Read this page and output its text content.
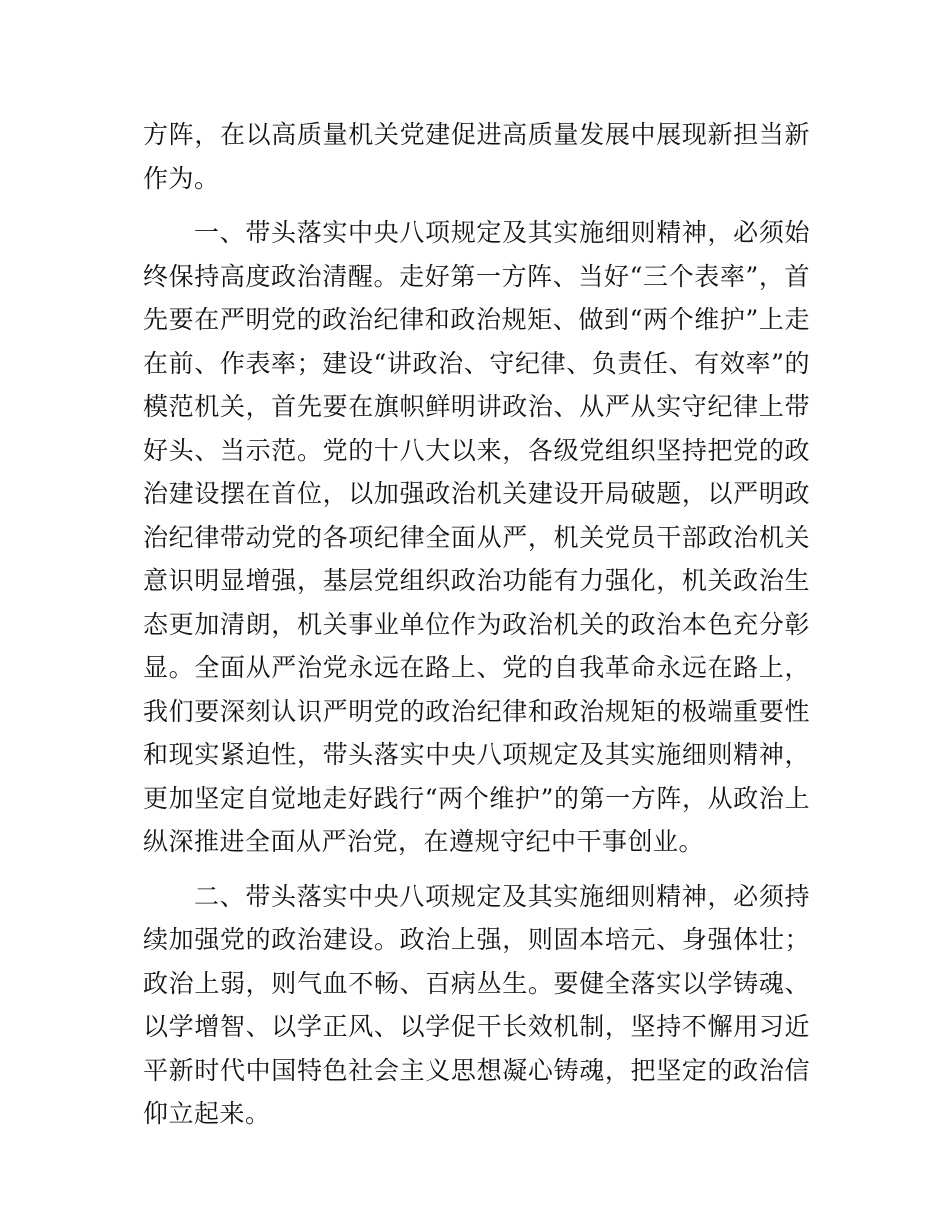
方阵，在以高质量机关党建促进高质量发展中展现新担当新作为。

一、带头落实中央八项规定及其实施细则精神，必须始终保持高度政治清醒。走好第一方阵、当好“三个表率”，首先要在严明党的政治纪律和政治规矩、做到“两个维护”上走在前、作表率；建设“讲政治、守纪律、负责任、有效率”的模范机关，首先要在旗帜鲜明讲政治、从严从实守纪律上带好头、当示范。党的十八大以来，各级党组织坚持把党的政治建设摆在首位，以加强政治机关建设开局破题，以严明政治纪律带动党的各项纪律全面从严，机关党员干部政治机关意识明显增强，基层党组织政治功能有力强化，机关政治生态更加清朗，机关事业单位作为政治机关的政治本色充分彰显。全面从严治党永远在路上、党的自我革命永远在路上，我们要深刻认识严明党的政治纪律和政治规矩的极端重要性和现实紧迫性，带头落实中央八项规定及其实施细则精神，更加坚定自觉地走好践行“两个维护”的第一方阵，从政治上纵深推进全面从严治党，在遵规守纪中干事创业。

二、带头落实中央八项规定及其实施细则精神，必须持续加强党的政治建设。政治上强，则固本培元、身强体壮；政治上弱，则气血不畅、百病丛生。要健全落实以学铸魂、以学增智、以学正风、以学促干长效机制，坚持不懈用习近平新时代中国特色社会主义思想凝心铸魂，把坚定的政治信仰立起来。
